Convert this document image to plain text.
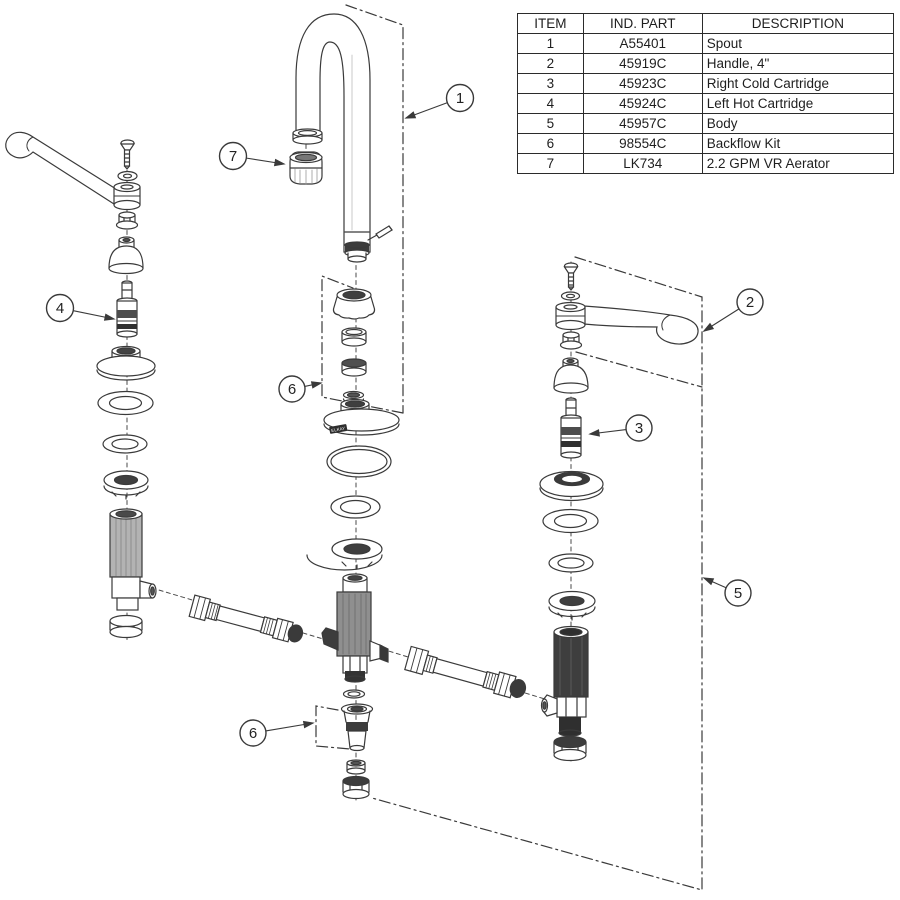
ELKAY
1
7
4
6
3
2
5
6
ITEM	IND. PART	DESCRIPTION
1	A55401	Spout
2	45919C	Handle, 4"
3	45923C	Right Cold Cartridge
4	45924C	Left Hot Cartridge
5	45957C	Body
6	98554C	Backflow Kit
7	LK734	2.2 GPM VR Aerator
